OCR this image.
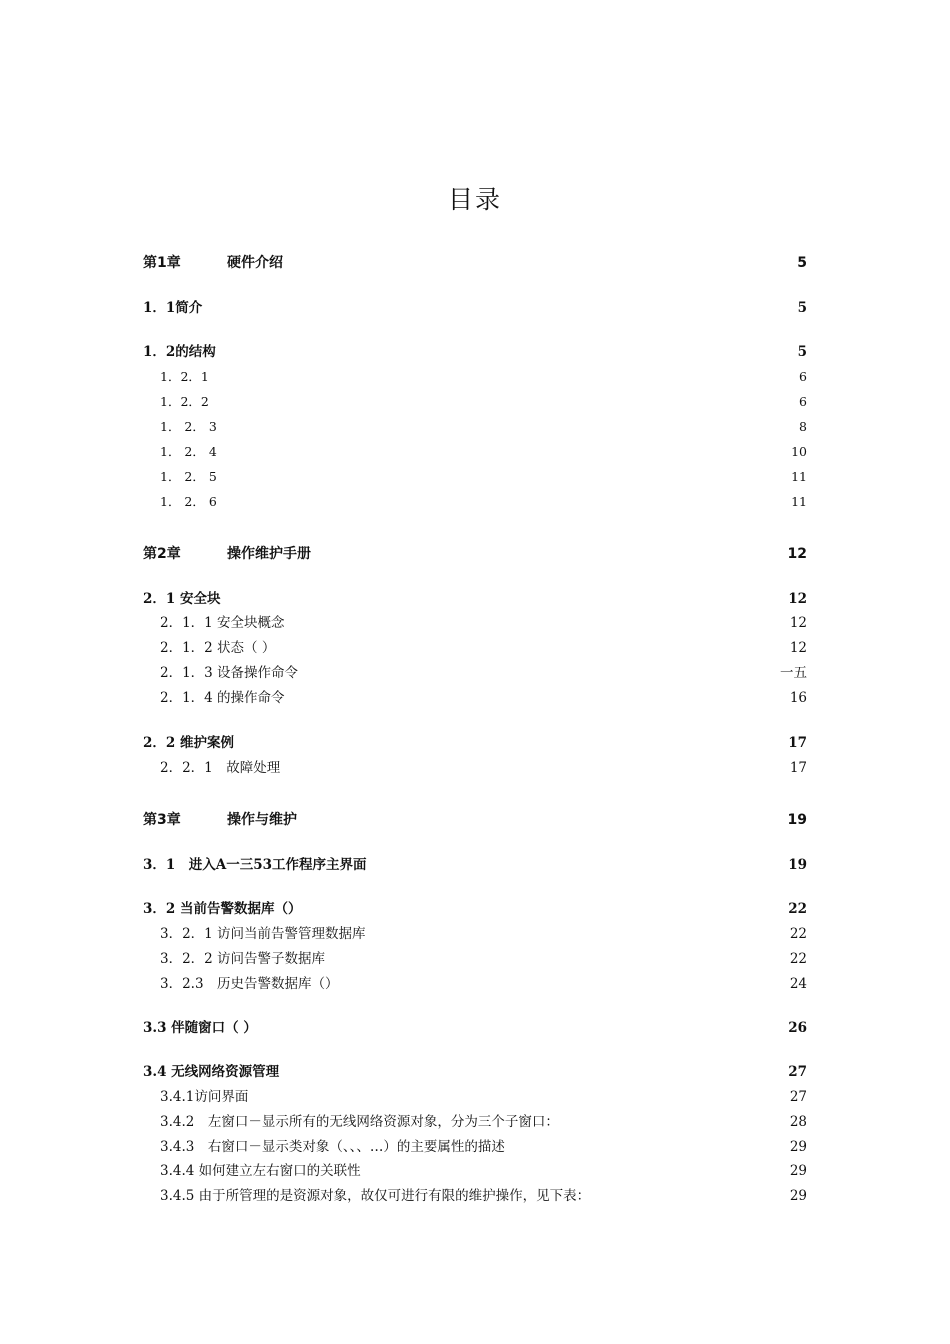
目录
第1章	硬件介绍	5
1．1简介	5
1．2的结构	5
1．2．1	6
1．2．2	6
1． 2． 3	8
1． 2． 4	10
1． 2． 5	11
1． 2． 6	11
第2章	操作维护手册	12
2．1 安全块	12
2．1．1 安全块概念	12
2．1．2 状态（ ）	12
2．1．3 设备操作命令	一五
2．1．4 的操作命令	16
2．2 维护案例	17
2．2．1　故障处理	17
第3章	操作与维护	19
3．1　进入A一三53工作程序主界面	19
3．2 当前告警数据库（）	22
3．2．1 访问当前告警管理数据库	22
3．2．2 访问告警子数据库	22
3．2.3　历史告警数据库（）	24
3.3 伴随窗口（ ）	26
3.4 无线网络资源管理	27
3.4.1访问界面	27
3.4.2　左窗口－显示所有的无线网络资源对象，分为三个子窗口：	28
3.4.3　右窗口－显示类对象（、、、…）的主要属性的描述	29
3.4.4 如何建立左右窗口的关联性	29
3.4.5 由于所管理的是资源对象，故仅可进行有限的维护操作，见下表：	29
